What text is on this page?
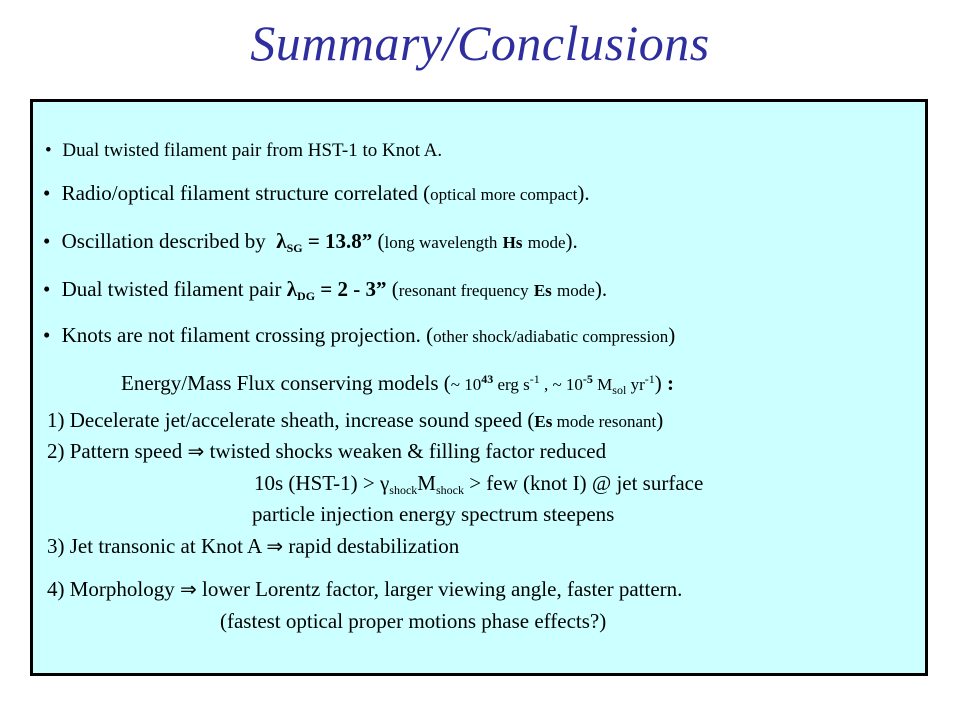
Summary/Conclusions
• Dual twisted filament pair from HST-1 to Knot A.
• Radio/optical filament structure correlated (optical more compact).
• Oscillation described by $\lambda_{SG} = 13.8$” (long wavelength Hs mode).
• Dual twisted filament pair $\lambda_{DG} = 2 - 3$” (resonant frequency Es mode).
• Knots are not filament crossing projection. (other shock/adiabatic compression)
Energy/Mass Flux conserving models (~ $10^{43}$ erg $s^{-1}$ , ~ $10^{-5}$ Msol $yr^{-1}$) :
1) Decelerate jet/accelerate sheath, increase sound speed (Es mode resonant)
2) Pattern speed ⇒ twisted shocks weaken & filling factor reduced
10s (HST-1) > γshockMshock > few (knot I) @ jet surface
particle injection energy spectrum steepens
3) Jet transonic at Knot A ⇒ rapid destabilization
4) Morphology ⇒ lower Lorentz factor, larger viewing angle, faster pattern.
(fastest optical proper motions phase effects?)
